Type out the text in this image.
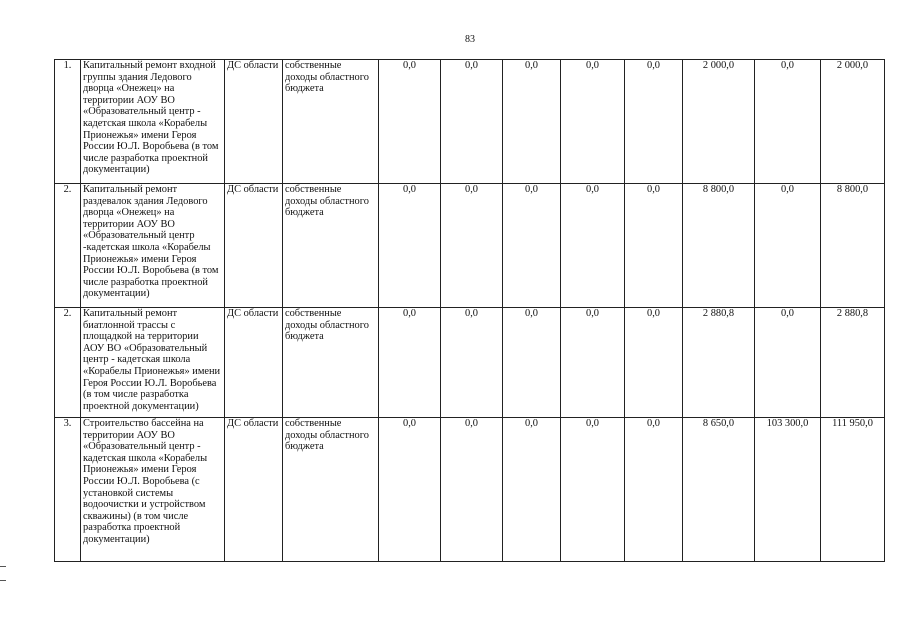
83
1.	Капитальный ремонт входной группы здания Ледового дворца «Онежец» на территории АОУ ВО «Образовательный центр - кадетская школа «Корабелы Прионежья» имени Героя России Ю.Л. Воробьева (в том числе разработка проектной документации)	ДС области	собственные доходы областного бюджета	0,0	0,0	0,0	0,0	0,0	2 000,0	0,0	2 000,0
2.	Капитальный ремонт раздевалок здания Ледового дворца «Онежец» на территории АОУ ВО «Образовательный центр -кадетская школа «Корабелы Прионежья» имени Героя России Ю.Л. Воробьева (в том числе разработка проектной документации)	ДС области	собственные доходы областного бюджета	0,0	0,0	0,0	0,0	0,0	8 800,0	0,0	8 800,0
2.	Капитальный ремонт биатлонной трассы с площадкой на территории АОУ ВО «Образовательный центр - кадетская школа «Корабелы Прионежья» имени Героя России Ю.Л. Воробьева (в том числе разработка проектной документации)	ДС области	собственные доходы областного бюджета	0,0	0,0	0,0	0,0	0,0	2 880,8	0,0	2 880,8
3.	Строительство бассейна на территории АОУ ВО «Образовательный центр - кадетская школа «Корабелы Прионежья» имени Героя России Ю.Л. Воробьева (с установкой системы водоочистки и устройством скважины) (в том числе разработка проектной документации)	ДС области	собственные доходы областного бюджета	0,0	0,0	0,0	0,0	0,0	8 650,0	103 300,0	111 950,0
